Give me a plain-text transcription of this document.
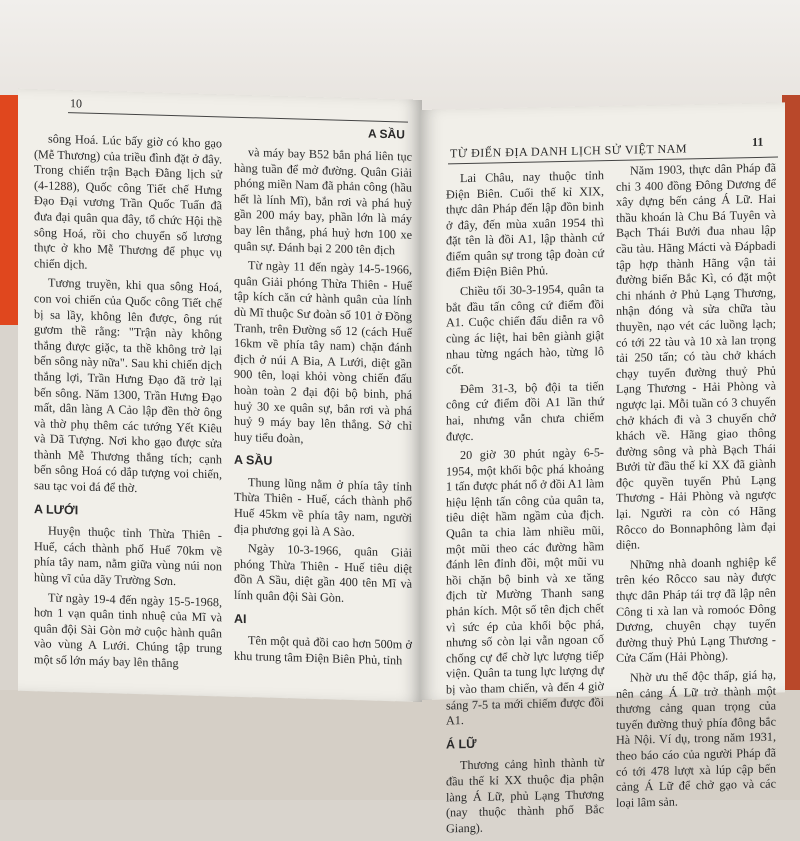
10
A SẦU

sông Hoá. Lúc bấy giờ có kho gạo (Mễ Thương) của triều đình đặt ở đây. Trong chiến trận Bạch Đằng lịch sử (4-1288), Quốc công Tiết chế Hưng Đạo Đại vương Trần Quốc Tuấn đã đưa đại quân qua đây, tổ chức Hội thề sông Hoá, rồi cho chuyển số lương thực ở kho Mễ Thương để phục vụ chiến dịch.

Tương truyền, khi qua sông Hoá, con voi chiến của Quốc công Tiết chế bị sa lầy, không lên được, ông rút gươm thề rằng: "Trận này không thắng được giặc, ta thề không trở lại bến sông này nữa". Sau khi chiến dịch thắng lợi, Trần Hưng Đạo đã trở lại bến sông. Năm 1300, Trần Hưng Đạo mất, dân làng A Cảo lập đền thờ ông và thờ phụ thêm các tướng Yết Kiêu và Dã Tượng. Nơi kho gạo được sửa thành Mễ Thương thắng tích; cạnh bến sông Hoá có dắp tượng voi chiến, sau tạc voi đá để thờ.

A LƯỚI

Huyện thuộc tỉnh Thừa Thiên - Huế, cách thành phố Huế 70km về phía tây nam, nằm giữa vùng núi non hùng vĩ của dãy Trường Sơn.

Từ ngày 19-4 đến ngày 15-5-1968, hơn 1 vạn quân tinh nhuệ của Mĩ và quân đội Sài Gòn mở cuộc hành quân vào vùng A Lưới. Chúng tập trung một số lớn máy bay lên thẳng

và máy bay B52 bắn phá liên tục hàng tuần để mở đường. Quân Giải phóng miền Nam đã phản công (hầu hết là lính Mĩ), bắn rơi và phá huỷ gần 200 máy bay, phần lớn là máy bay lên thẳng, phá huỷ hơn 100 xe quân sự. Đánh bại 2 200 tên địch

Từ ngày 11 đến ngày 14-5-1966, quân Giải phóng Thừa Thiên - Huế tập kích căn cứ hành quân của lính dù Mĩ thuộc Sư đoàn số 101 ở Đồng Tranh, trên Đường số 12 (cách Huế 16km về phía tây nam) chặn đánh địch ở núi A Bia, A Lưới, diệt gần 900 tên, loại khỏi vòng chiến đấu hoàn toàn 2 đại đội bộ binh, phá huỷ 30 xe quân sự, bắn rơi và phá huỷ 9 máy bay lên thẳng. Sở chỉ huy tiểu đoàn,

A SẦU

Thung lũng nằm ở phía tây tỉnh Thừa Thiên - Huế, cách thành phố Huế 45km về phía tây nam, người địa phương gọi là A Sào.

Ngày 10-3-1966, quân Giải phóng Thừa Thiên - Huế tiêu diệt đồn A Sầu, diệt gần 400 tên Mĩ và lính quân đội Sài Gòn.

AI

Tên một quả đồi cao hơn 500m ở khu trung tâm Điện Biên Phủ, tỉnh

TỪ ĐIỂN ĐỊA DANH LỊCH SỬ VIỆT NAM	11

Lai Châu, nay thuộc tỉnh Điện Biên. Cuối thế kỉ XIX, thực dân Pháp đến lập đồn binh ở đây, đến mùa xuân 1954 thì đặt tên là đồi A1, lập thành cứ điểm quân sự trong tập đoàn cứ điểm Điện Biên Phủ.

Chiều tối 30-3-1954, quân ta bắt đầu tấn công cứ điểm đồi A1. Cuộc chiến đấu diễn ra vô cùng ác liệt, hai bên giành giật nhau từng ngách hào, từng lô cốt.

Đêm 31-3, bộ đội ta tiến công cứ điểm đồi A1 lần thứ hai, nhưng vẫn chưa chiếm được.

20 giờ 30 phút ngày 6-5-1954, một khối bộc phá khoảng 1 tấn được phát nổ ở đồi A1 làm hiệu lệnh tấn công của quân ta, tiêu diệt hầm ngầm của địch. Quân ta chia làm nhiều mũi, một mũi theo các đường hầm đánh lên đỉnh đồi, một mũi vu hồi chặn bộ binh và xe tăng địch từ Mường Thanh sang phản kích. Một số tên địch chết vì sức ép của khối bộc phá, nhưng số còn lại vẫn ngoan cố chống cự để chờ lực lượng tiếp viện. Quân ta tung lực lượng dự bị vào tham chiến, và đến 4 giờ sáng 7-5 ta mới chiếm được đồi A1.

Á LỮ

Thương cảng hình thành từ đầu thế kỉ XX thuộc địa phận làng Á Lữ, phủ Lạng Thương (nay thuộc thành phố Bắc Giang).

Năm 1903, thực dân Pháp đã chi 3 400 đồng Đông Dương để xây dựng bến cảng Á Lữ. Hai thầu khoán là Chu Bá Tuyên và Bạch Thái Bưởi đua nhau lập cầu tàu. Hãng Mácti và Đápbadi tập hợp thành Hãng vận tải đường biển Bắc Kì, có đặt một chi nhánh ở Phủ Lạng Thương, nhận đóng và sửa chữa tàu thuyền, nạo vét các luồng lạch; có tới 22 tàu và 10 xà lan trọng tải 250 tấn; có tàu chở khách chạy tuyến đường thuỷ Phủ Lạng Thương - Hải Phòng và ngược lại. Mỗi tuần có 3 chuyến chở khách đi và 3 chuyến chở khách về. Hãng giao thông đường sông và phà Bạch Thái Bưởi từ đầu thế kỉ XX đã giành độc quyền tuyến Phủ Lạng Thương - Hải Phòng và ngược lại. Người ra còn có Hãng Rôcco do Bonnaphông làm đại diện.

Những nhà doanh nghiệp kể trên kéo Rôcco sau này được thực dân Pháp tái trợ đã lập nên Công ti xà lan và romoóc Đông Dương, chuyên chạy tuyến đường thuỷ Phủ Lạng Thương - Cửa Cấm (Hải Phòng).

Nhờ ưu thế độc thấp, giá hạ, nên cảng Á Lữ trở thành một thương cảng quan trọng của tuyến đường thuỷ phía đông bắc Hà Nội. Ví dụ, trong năm 1931, theo báo cáo của người Pháp đã có tới 478 lượt xà lúp cập bến cảng Á Lữ để chở gạo và các loại lâm sản.
